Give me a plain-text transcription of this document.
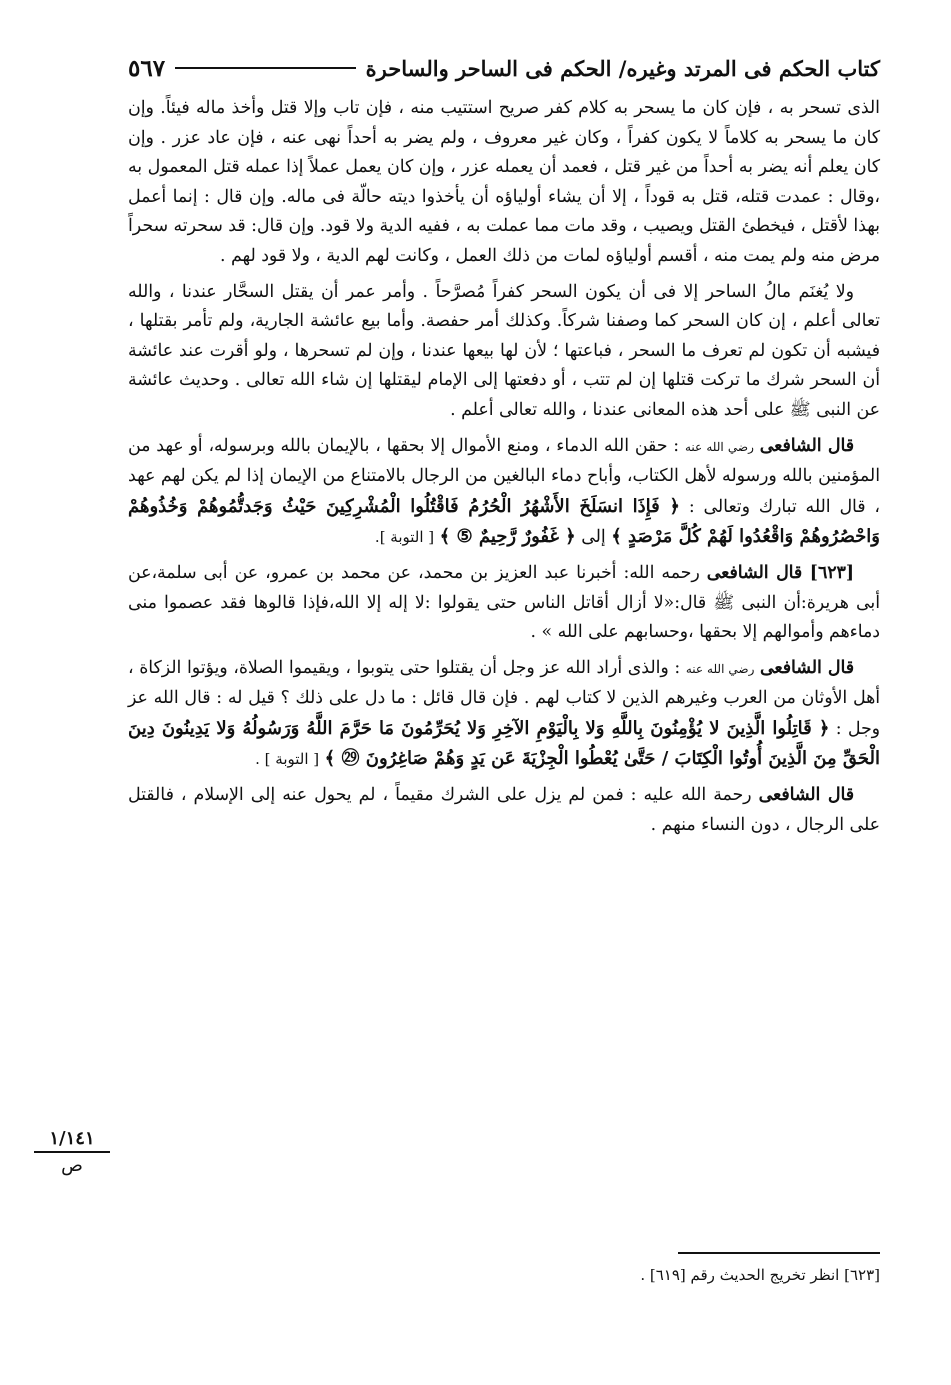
كتاب الحكم فى المرتد وغيره/ الحكم فى الساحر والساحرة
٥٦٧

الذى تسحر به ، فإن كان ما يسحر به كلام كفر صريح استتيب منه ، فإن تاب وإلا قتل وأخذ ماله فيئاً. وإن كان ما يسحر به كلاماً لا يكون كفراً ، وكان غير معروف ، ولم يضر به أحداً نهى عنه ، فإن عاد عزر . وإن كان يعلم أنه يضر به أحداً من غير قتل ، فعمد أن يعمله عزر ، وإن كان يعمل عملاً إذا عمله قتل المعمول به ،وقال : عمدت قتله، قتل به قوداً ، إلا أن يشاء أولياؤه أن يأخذوا ديته حالّة فى ماله. وإن قال : إنما أعمل بهذا لأقتل ، فيخطئ القتل ويصيب ، وقد مات مما عملت به ، ففيه الدية ولا قود. وإن قال: قد سحرته سحراً مرض منه ولم يمت منه ، أقسم أولياؤه لمات من ذلك العمل ، وكانت لهم الدية ، ولا قود لهم .

ولا يُغنَم مالُ الساحر إلا فى أن يكون السحر كفراً مُصرَّحاً . وأمر عمر أن يقتل السحَّار عندنا ، والله تعالى أعلم ، إن كان السحر كما وصفنا شركاً. وكذلك أمر حفصة. وأما بيع عائشة الجارية، ولم تأمر بقتلها ، فيشبه أن تكون لم تعرف ما السحر ، فباعتها ؛ لأن لها بيعها عندنا ، وإن لم تسحرها ، ولو أقرت عند عائشة أن السحر شرك ما تركت قتلها إن لم تتب ، أو دفعتها إلى الإمام ليقتلها إن شاء الله تعالى . وحديث عائشة عن النبى ﷺ على أحد هذه المعانى عندنا ، والله تعالى أعلم .

قال الشافعى رضي الله عنه : حقن الله الدماء ، ومنع الأموال إلا بحقها ، بالإيمان بالله وبرسوله، أو عهد من المؤمنين بالله ورسوله لأهل الكتاب، وأباح دماء البالغين من الرجال بالامتناع من الإيمان إذا لم يكن لهم عهد ، قال الله تبارك وتعالى : ﴿ فَإِذَا انسَلَخَ الأَشْهُرُ الْحُرُمُ فَاقْتُلُوا الْمُشْرِكِينَ حَيْثُ وَجَدتُّمُوهُمْ وَخُذُوهُمْ وَاحْصُرُوهُمْ وَاقْعُدُوا لَهُمْ كُلَّ مَرْصَدٍ ﴾ إلى ﴿ غَفُورٌ رَّحِيمٌ ⑤ ﴾ [ التوبة ].

[٦٢٣] قال الشافعى رحمه الله: أخبرنا عبد العزيز بن محمد، عن محمد بن عمرو، عن أبى سلمة،عن أبى هريرة:أن النبى ﷺ قال:«لا أزال أقاتل الناس حتى يقولوا :لا إله إلا الله،فإذا قالوها فقد عصموا منى دماءهم وأموالهم إلا بحقها ،وحسابهم على الله » .

قال الشافعى رضي الله عنه : والذى أراد الله عز وجل أن يقتلوا حتى يتوبوا ، ويقيموا الصلاة، ويؤتوا الزكاة ، أهل الأوثان من العرب وغيرهم الذين لا كتاب لهم . فإن قال قائل : ما دل على ذلك ؟ قيل له : قال الله عز وجل : ﴿ قَاتِلُوا الَّذِينَ لا يُؤْمِنُونَ بِاللَّهِ وَلا بِالْيَوْمِ الآخِرِ وَلا يُحَرِّمُونَ مَا حَرَّمَ اللَّهُ وَرَسُولُهُ وَلا يَدِينُونَ دِينَ الْحَقِّ مِنَ الَّذِينَ أُوتُوا الْكِتَابَ / حَتَّىٰ يُعْطُوا الْجِزْيَةَ عَن يَدٍ وَهُمْ صَاغِرُونَ ㉙ ﴾ [ التوبة ] .

قال الشافعى رحمة الله عليه : فمن لم يزل على الشرك مقيماً ، لم يحول عنه إلى الإسلام ، فالقتل على الرجال ، دون النساء منهم .

١/١٤١
ص
[٦٢٣] انظر تخريج الحديث رقم [٦١٩] .
